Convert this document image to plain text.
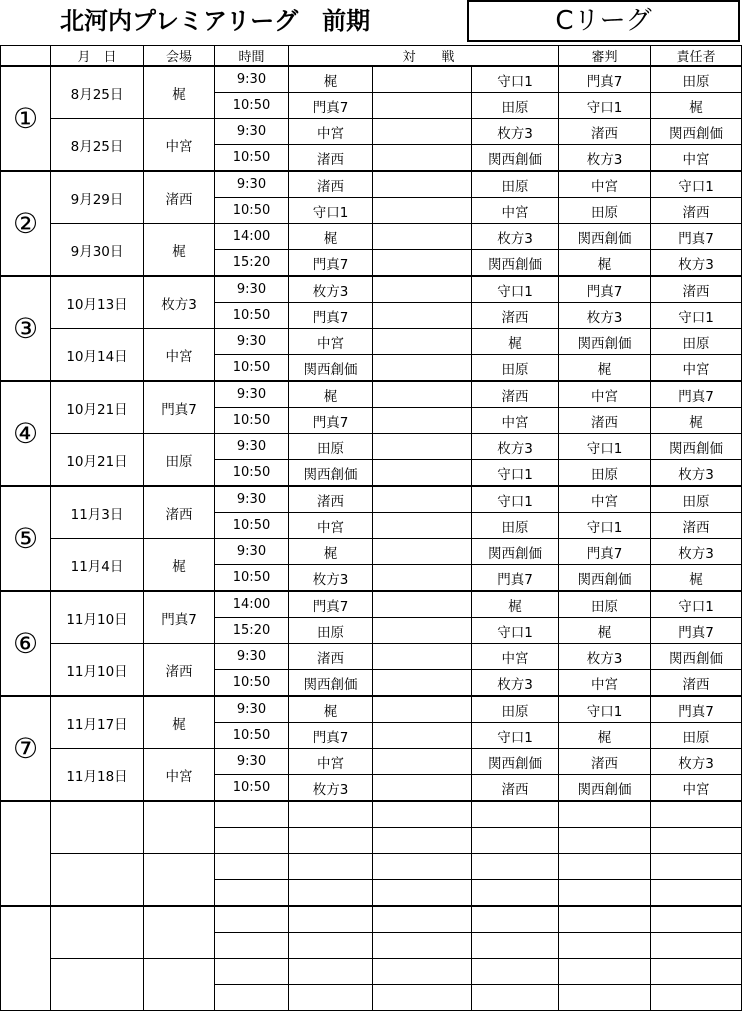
北河内プレミアリーグ　前期	Cリーグ
	月　日	会場	時間		対　　戦		審判	責任者
①	8月25日	梶	9:30	梶		守口1	門真7	田原
			10:50	門真7		田原	守口1	梶
	8月25日	中宮	9:30	中宮		枚方3	渚西	関西創価
			10:50	渚西		関西創価	枚方3	中宮
②	9月29日	渚西	9:30	渚西		田原	中宮	守口1
			10:50	守口1		中宮	田原	渚西
	9月30日	梶	14:00	梶		枚方3	関西創価	門真7
			15:20	門真7		関西創価	梶	枚方3
③	10月13日	枚方3	9:30	枚方3		守口1	門真7	渚西
			10:50	門真7		渚西	枚方3	守口1
	10月14日	中宮	9:30	中宮		梶	関西創価	田原
			10:50	関西創価		田原	梶	中宮
④	10月21日	門真7	9:30	梶		渚西	中宮	門真7
			10:50	門真7		中宮	渚西	梶
	10月21日	田原	9:30	田原		枚方3	守口1	関西創価
			10:50	関西創価		守口1	田原	枚方3
⑤	11月3日	渚西	9:30	渚西		守口1	中宮	田原
			10:50	中宮		田原	守口1	渚西
	11月4日	梶	9:30	梶		関西創価	門真7	枚方3
			10:50	枚方3		門真7	関西創価	梶
⑥	11月10日	門真7	14:00	門真7		梶	田原	守口1
			15:20	田原		守口1	梶	門真7
	11月10日	渚西	9:30	渚西		中宮	枚方3	関西創価
			10:50	関西創価		枚方3	中宮	渚西
⑦	11月17日	梶	9:30	梶		田原	守口1	門真7
			10:50	門真7		守口1	梶	田原
	11月18日	中宮	9:30	中宮		関西創価	渚西	枚方3
			10:50	枚方3		渚西	関西創価	中宮
